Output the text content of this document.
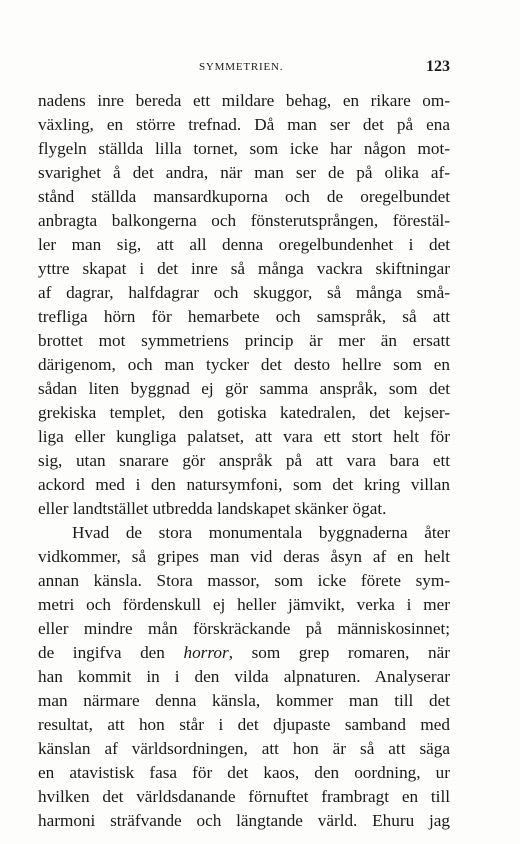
SYMMETRIEN.	123
nadens inre bereda ett mildare behag, en rikare om-
växling, en större trefnad. Då man ser det på ena
flygeln ställda lilla tornet, som icke har någon mot-
svarighet å det andra, när man ser de på olika af-
stånd ställda mansardkuporna och de oregelbundet
anbragta balkongerna och fönsterutsprången, förestäl-
ler man sig, att all denna oregelbundenhet i det
yttre skapat i det inre så många vackra skiftningar
af dagrar, halfdagrar och skuggor, så många små-
trefliga hörn för hemarbete och samspråk, så att
brottet mot symmetriens princip är mer än ersatt
därigenom, och man tycker det desto hellre som en
sådan liten byggnad ej gör samma anspråk, som det
grekiska templet, den gotiska katedralen, det kejser-
liga eller kungliga palatset, att vara ett stort helt för
sig, utan snarare gör anspråk på att vara bara ett
ackord med i den natursymfoni, som det kring villan
eller landtstället utbredda landskapet skänker ögat.
Hvad de stora monumentala byggnaderna åter
vidkommer, så gripes man vid deras åsyn af en helt
annan känsla. Stora massor, som icke förete sym-
metri och fördenskull ej heller jämvikt, verka i mer
eller mindre mån förskräckande på människosinnet;
de ingifva den horror, som grep romaren, när
han kommit in i den vilda alpnaturen. Analyserar
man närmare denna känsla, kommer man till det
resultat, att hon står i det djupaste samband med
känslan af världsordningen, att hon är så att säga
en atavistisk fasa för det kaos, den oordning, ur
hvilken det världsdanande förnuftet frambragt en till
harmoni sträfvande och längtande värld. Ehuru jag
